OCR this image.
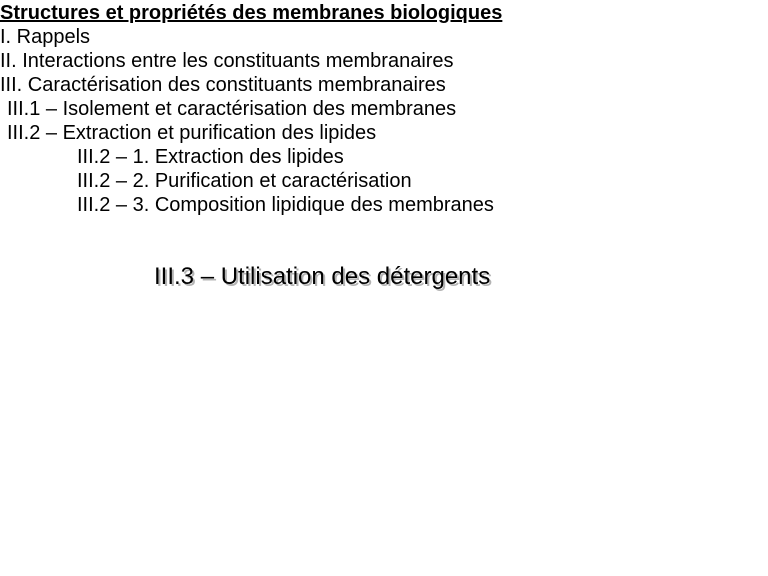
Structures et propriétés des membranes biologiques
I. Rappels
II. Interactions entre les constituants membranaires
III. Caractérisation des constituants membranaires
III.1 – Isolement et caractérisation des membranes
III.2 – Extraction et purification des lipides
III.2 – 1. Extraction des lipides
III.2 – 2. Purification et caractérisation
III.2 – 3. Composition lipidique des membranes
III.3 – Utilisation des détergents
